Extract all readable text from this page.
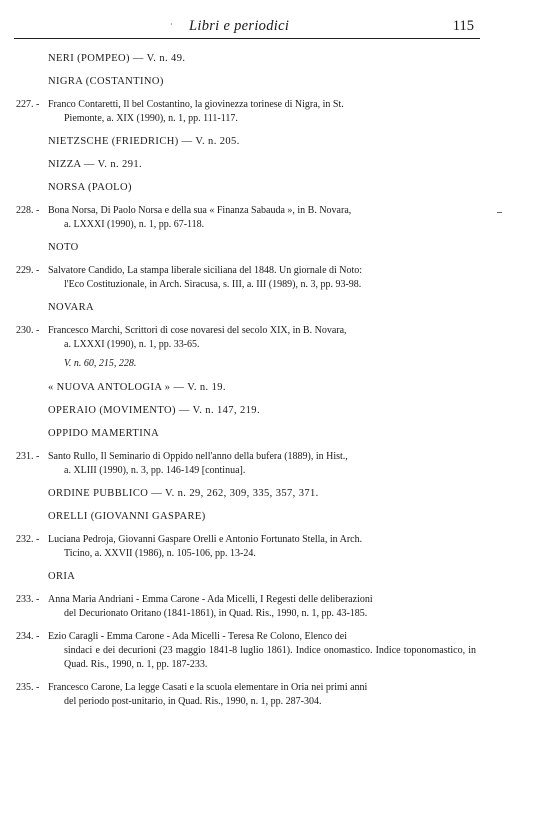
· Libri e periodici	115
NERI (POMPEO) — V. n. 49.
NIGRA (COSTANTINO)
227. - Franco Contaretti, Il bel Costantino, la giovinezza torinese di Nigra, in St.
Piemonte, a. XIX (1990), n. 1, pp. 111-117.
NIETZSCHE (FRIEDRICH) — V. n. 205.
NIZZA — V. n. 291.
NORSA (PAOLO)
228. - Bona Norsa, Di Paolo Norsa e della sua « Finanza Sabauda », in B. Novara,
a. LXXXI (1990), n. 1, pp. 67-118.
NOTO
229. - Salvatore Candido, La stampa liberale siciliana del 1848. Un giornale di Noto:
l'Eco Costituzionale, in Arch. Siracusa, s. III, a. III (1989), n. 3, pp. 93-98.
NOVARA
230. - Francesco Marchi, Scrittori di cose novaresi del secolo XIX, in B. Novara,
a. LXXXI (1990), n. 1, pp. 33-65.
V. n. 60, 215, 228.
« NUOVA ANTOLOGIA » — V. n. 19.
OPERAIO (MOVIMENTO) — V. n. 147, 219.
OPPIDO MAMERTINA
231. - Santo Rullo, Il Seminario di Oppido nell'anno della bufera (1889), in Hist.,
a. XLIII (1990), n. 3, pp. 146-149 [continua].
ORDINE PUBBLICO — V. n. 29, 262, 309, 335, 357, 371.
ORELLI (GIOVANNI GASPARE)
232. - Luciana Pedroja, Giovanni Gaspare Orelli e Antonio Fortunato Stella, in Arch.
Ticino, a. XXVII (1986), n. 105-106, pp. 13-24.
ORIA
233. - Anna Maria Andriani - Emma Carone - Ada Micelli, I Regesti delle deliberazioni
del Decurionato Oritano (1841-1861), in Quad. Ris., 1990, n. 1, pp. 43-185.
234. - Ezio Caragli - Emma Carone - Ada Micelli - Teresa Re Colono, Elenco dei
sindaci e dei decurioni (23 maggio 1841-8 luglio 1861). Indice onomastico. Indice toponomastico, in Quad. Ris., 1990, n. 1, pp. 187-233.
235. - Francesco Carone, La legge Casati e la scuola elementare in Oria nei primi anni
del periodo post-unitario, in Quad. Ris., 1990, n. 1, pp. 287-304.
